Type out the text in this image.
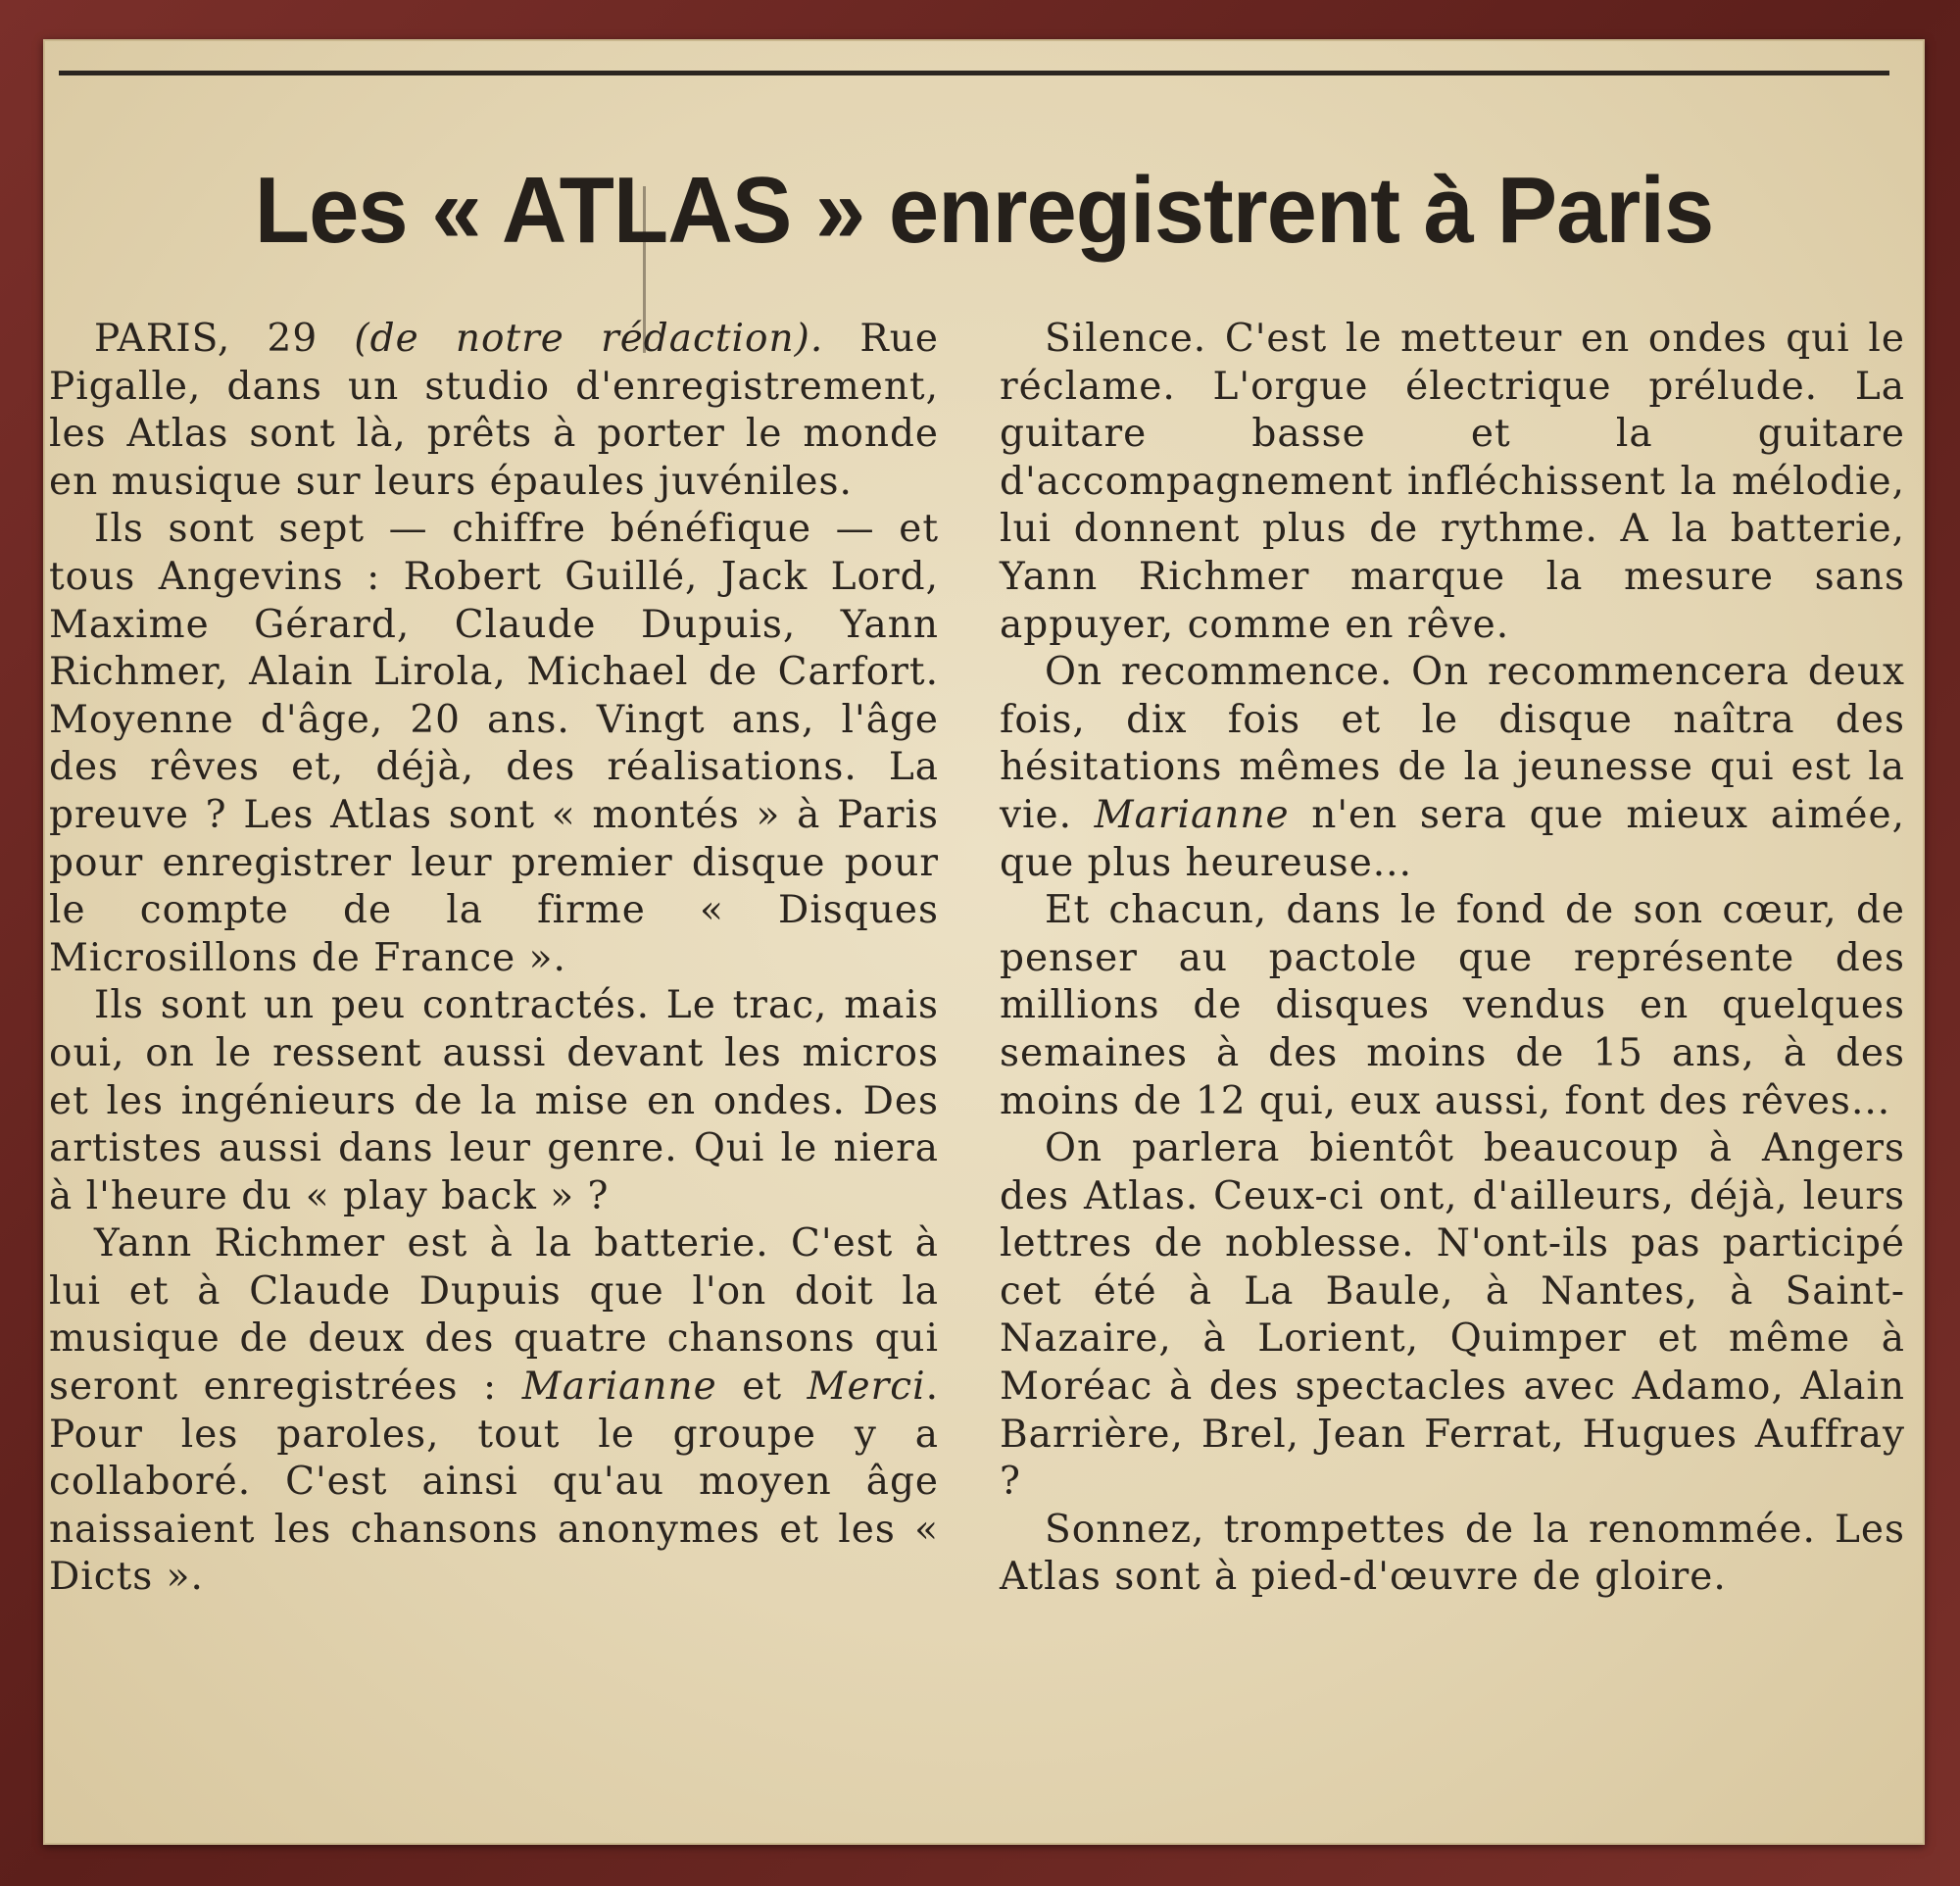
Les « ATLAS » enregistrent à Paris

PARIS, 29 (de notre rédaction). Rue Pigalle, dans un studio d'enregistrement, les Atlas sont là, prêts à porter le monde en musique sur leurs épaules juvéniles.

Ils sont sept — chiffre bénéfique — et tous Angevins : Robert Guillé, Jack Lord, Maxime Gérard, Claude Dupuis, Yann Richmer, Alain Lirola, Michael de Carfort. Moyenne d'âge, 20 ans. Vingt ans, l'âge des rêves et, déjà, des réalisations. La preuve ? Les Atlas sont « montés » à Paris pour enregistrer leur premier disque pour le compte de la firme « Disques Microsillons de France ».

Ils sont un peu contractés. Le trac, mais oui, on le ressent aussi devant les micros et les ingénieurs de la mise en ondes. Des artistes aussi dans leur genre. Qui le niera à l'heure du « play back » ?

Yann Richmer est à la batterie. C'est à lui et à Claude Dupuis que l'on doit la musique de deux des quatre chansons qui seront enregistrées : Marianne et Merci. Pour les paroles, tout le groupe y a collaboré. C'est ainsi qu'au moyen âge naissaient les chansons anonymes et les « Dicts ».

Silence. C'est le metteur en ondes qui le réclame. L'orgue électrique prélude. La guitare basse et la guitare d'accompagnement infléchissent la mélodie, lui donnent plus de rythme. A la batterie, Yann Richmer marque la mesure sans appuyer, comme en rêve.

On recommence. On recommencera deux fois, dix fois et le disque naîtra des hésitations mêmes de la jeunesse qui est la vie. Marianne n'en sera que mieux aimée, que plus heureuse...

Et chacun, dans le fond de son cœur, de penser au pactole que représente des millions de disques vendus en quelques semaines à des moins de 15 ans, à des moins de 12 qui, eux aussi, font des rêves...

On parlera bientôt beaucoup à Angers des Atlas. Ceux-ci ont, d'ailleurs, déjà, leurs lettres de noblesse. N'ont-ils pas participé cet été à La Baule, à Nantes, à Saint-Nazaire, à Lorient, Quimper et même à Moréac à des spectacles avec Adamo, Alain Barrière, Brel, Jean Ferrat, Hugues Auffray ?

Sonnez, trompettes de la renommée. Les Atlas sont à pied-d'œuvre de gloire.
